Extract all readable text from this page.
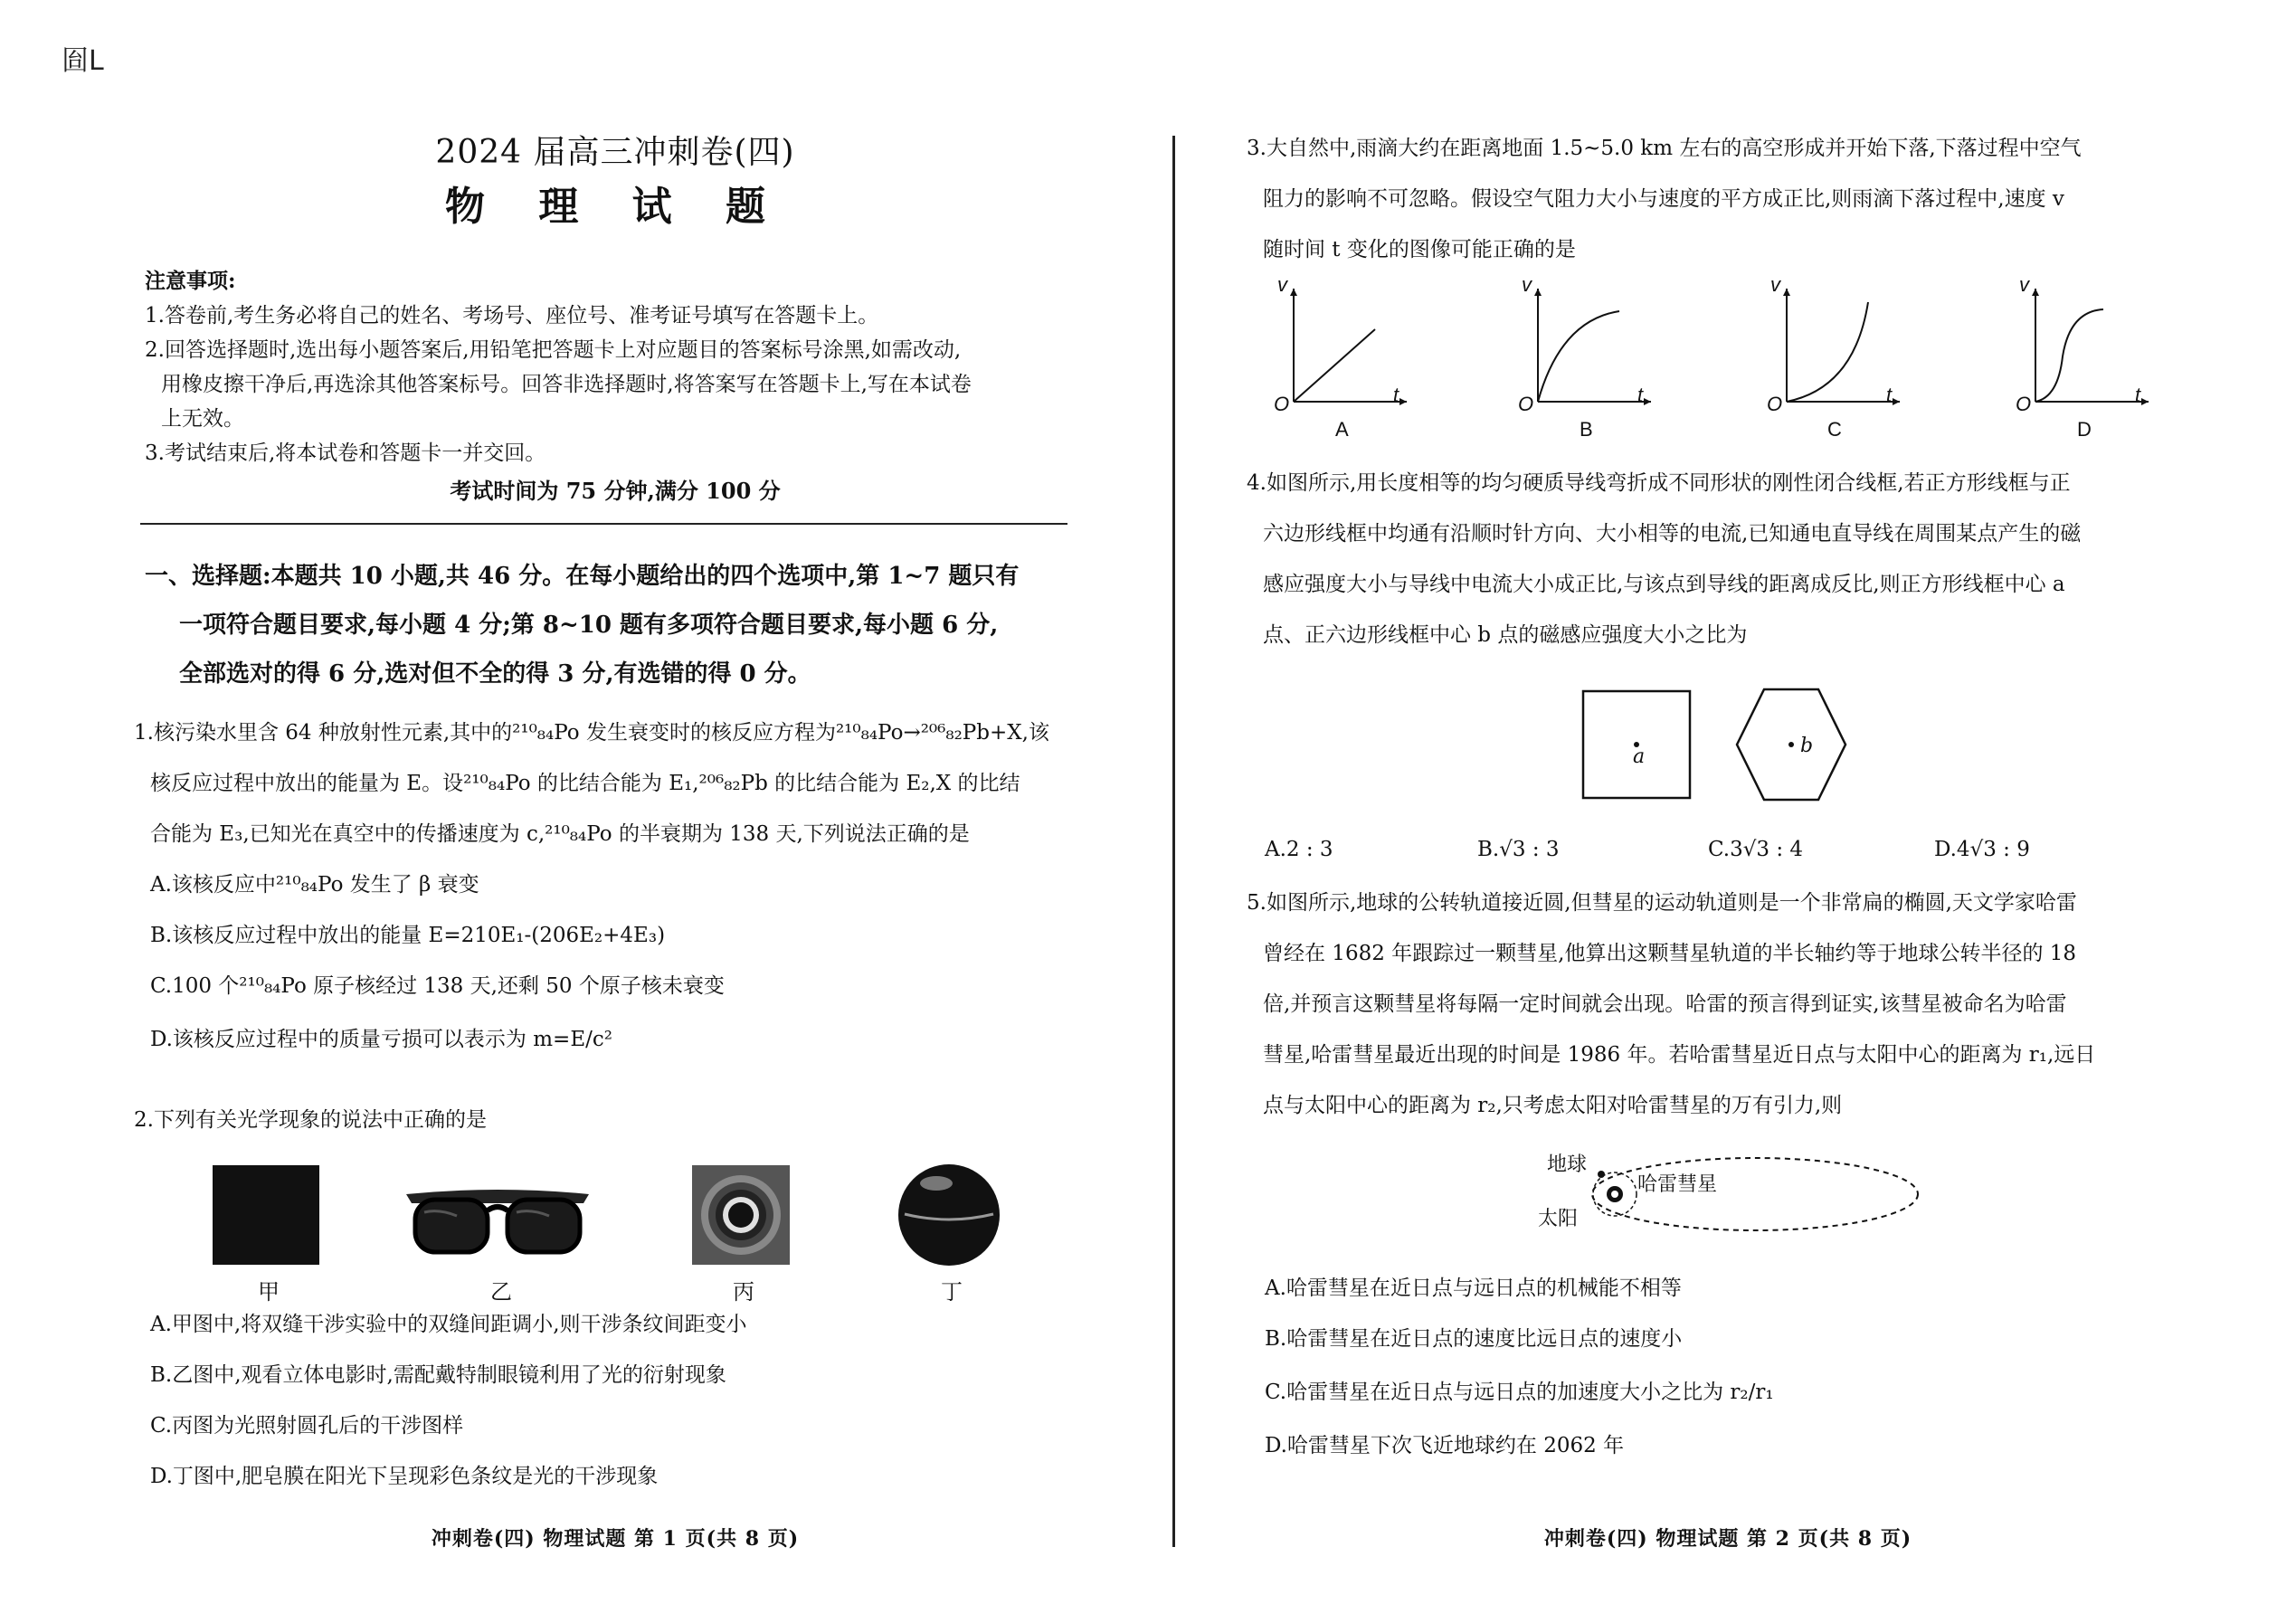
囼L
2024 届高三冲刺卷(四)
物 理 试 题
注意事项:
1.答卷前,考生务必将自己的姓名、考场号、座位号、准考证号填写在答题卡上。
2.回答选择题时,选出每小题答案后,用铅笔把答题卡上对应题目的答案标号涂黑,如需改动,
用橡皮擦干净后,再选涂其他答案标号。回答非选择题时,将答案写在答题卡上,写在本试卷
上无效。
3.考试结束后,将本试卷和答题卡一并交回。
考试时间为 75 分钟,满分 100 分
一、选择题:本题共 10 小题,共 46 分。在每小题给出的四个选项中,第 1~7 题只有
一项符合题目要求,每小题 4 分;第 8~10 题有多项符合题目要求,每小题 6 分,
全部选对的得 6 分,选对但不全的得 3 分,有选错的得 0 分。
1.核污染水里含 64 种放射性元素,其中的²¹⁰₈₄Po 发生衰变时的核反应方程为²¹⁰₈₄Po→²⁰⁶₈₂Pb+X,该
核反应过程中放出的能量为 E。设²¹⁰₈₄Po 的比结合能为 E₁,²⁰⁶₈₂Pb 的比结合能为 E₂,X 的比结
合能为 E₃,已知光在真空中的传播速度为 c,²¹⁰₈₄Po 的半衰期为 138 天,下列说法正确的是
A.该核反应中²¹⁰₈₄Po 发生了 β 衰变
B.该核反应过程中放出的能量 E=210E₁-(206E₂+4E₃)
C.100 个²¹⁰₈₄Po 原子核经过 138 天,还剩 50 个原子核未衰变
D.该核反应过程中的质量亏损可以表示为 m=E/c²
2.下列有关光学现象的说法中正确的是
甲	乙	丙	丁
A.甲图中,将双缝干涉实验中的双缝间距调小,则干涉条纹间距变小
B.乙图中,观看立体电影时,需配戴特制眼镜利用了光的衍射现象
C.丙图为光照射圆孔后的干涉图样
D.丁图中,肥皂膜在阳光下呈现彩色条纹是光的干涉现象
冲刺卷(四) 物理试题 第 1 页(共 8 页)
3.大自然中,雨滴大约在距离地面 1.5~5.0 km 左右的高空形成并开始下落,下落过程中空气
阻力的影响不可忽略。假设空气阻力大小与速度的平方成正比,则雨滴下落过程中,速度 v
随时间 t 变化的图像可能正确的是
v	v	v	v
O	O	O	O
t	t	t	t
A	B	C	D
4.如图所示,用长度相等的均匀硬质导线弯折成不同形状的刚性闭合线框,若正方形线框与正
六边形线框中均通有沿顺时针方向、大小相等的电流,已知通电直导线在周围某点产生的磁
感应强度大小与导线中电流大小成正比,与该点到导线的距离成反比,则正方形线框中心 a
点、正六边形线框中心 b 点的磁感应强度大小之比为
a	b
A.2 : 3	B.√3 : 3	C.3√3 : 4	D.4√3 : 9
5.如图所示,地球的公转轨道接近圆,但彗星的运动轨道则是一个非常扁的椭圆,天文学家哈雷
曾经在 1682 年跟踪过一颗彗星,他算出这颗彗星轨道的半长轴约等于地球公转半径的 18
倍,并预言这颗彗星将每隔一定时间就会出现。哈雷的预言得到证实,该彗星被命名为哈雷
彗星,哈雷彗星最近出现的时间是 1986 年。若哈雷彗星近日点与太阳中心的距离为 r₁,远日
点与太阳中心的距离为 r₂,只考虑太阳对哈雷彗星的万有引力,则
地球
哈雷彗星
太阳
A.哈雷彗星在近日点与远日点的机械能不相等
B.哈雷彗星在近日点的速度比远日点的速度小
C.哈雷彗星在近日点与远日点的加速度大小之比为 r₂/r₁
D.哈雷彗星下次飞近地球约在 2062 年
冲刺卷(四) 物理试题 第 2 页(共 8 页)
